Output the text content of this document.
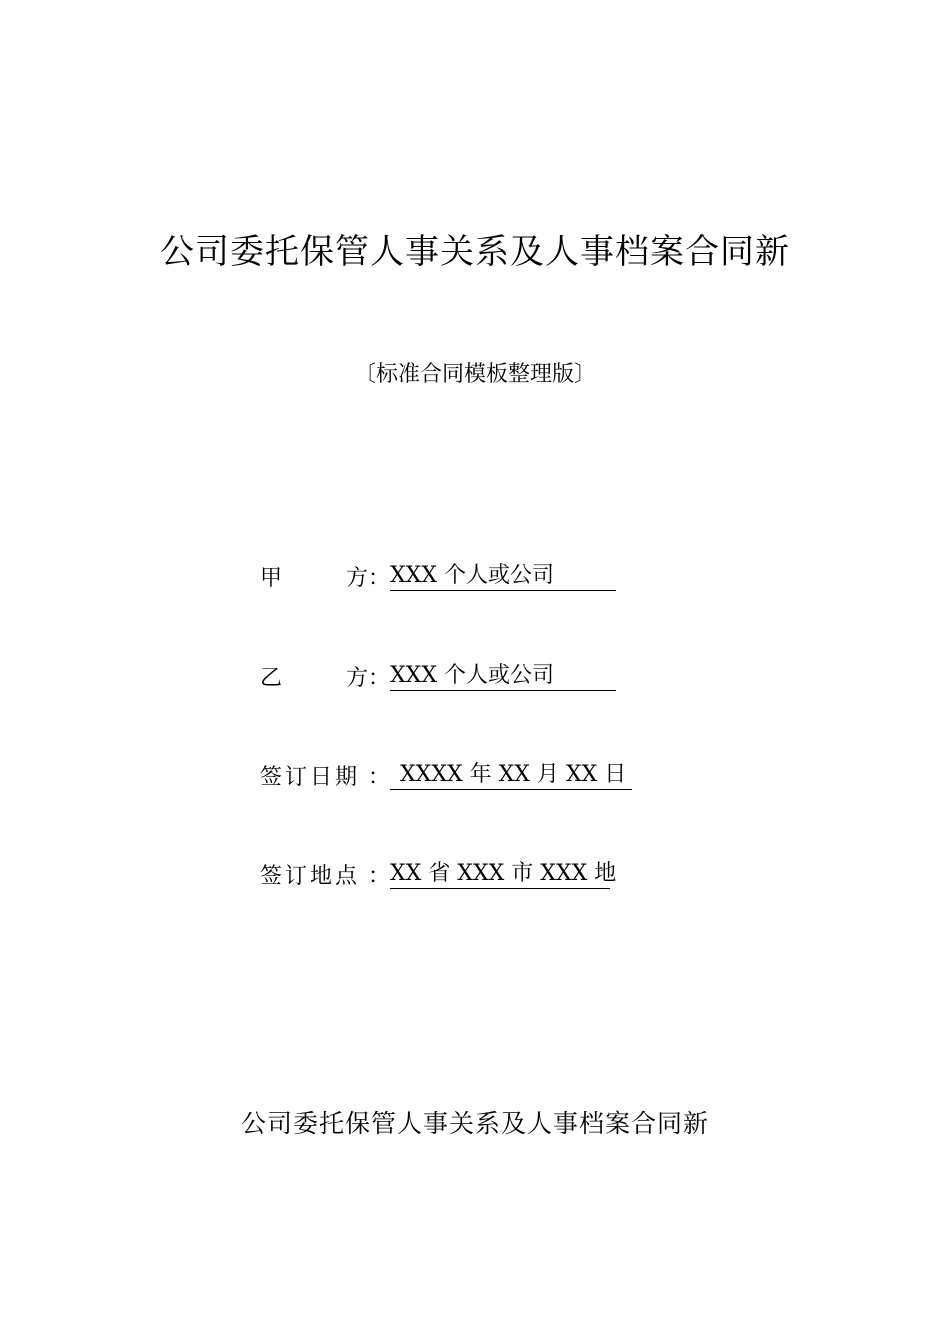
公司委托保管人事关系及人事档案合同新
〔标准合同模板整理版〕
甲	方 ： XXX 个人或公司
乙	方 ： XXX 个人或公司
签订日期 ： XXXX 年 XX 月 XX 日
签订地点 ： XX 省 XXX 市 XXX 地
公司委托保管人事关系及人事档案合同新
